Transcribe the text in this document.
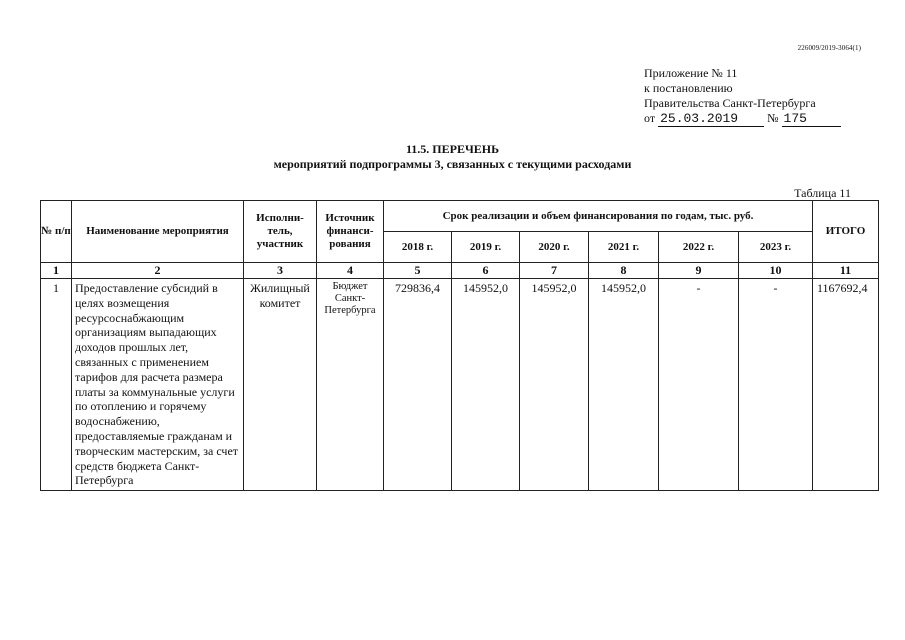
226009/2019-3064(1)
Приложение № 11
к постановлению
Правительства Санкт-Петербурга
от 25.03.2019 № 175
11.5. ПЕРЕЧЕНЬ
мероприятий подпрограммы 3, связанных с текущими расходами
Таблица 11
№ п/п	Наименование мероприятия	Исполни-тель, участник	Источник финанси-рования	Срок реализации и объем финансирования по годам, тыс. руб.						ИТОГО
				2018 г.	2019 г.	2020 г.	2021 г.	2022 г.	2023 г.	
1	2	3	4	5	6	7	8	9	10	11
1	Предоставление субсидий в целях возмещения ресурсоснабжающим организациям выпадающих доходов прошлых лет, связанных с применением тарифов для расчета размера платы за коммунальные услуги по отоплению и горячему водоснабжению, предоставляемые гражданам и творческим мастерским, за счет средств бюджета Санкт-Петербурга	Жилищный комитет	Бюджет Санкт-Петербурга	729836,4	145952,0	145952,0	145952,0	-	-	1167692,4
